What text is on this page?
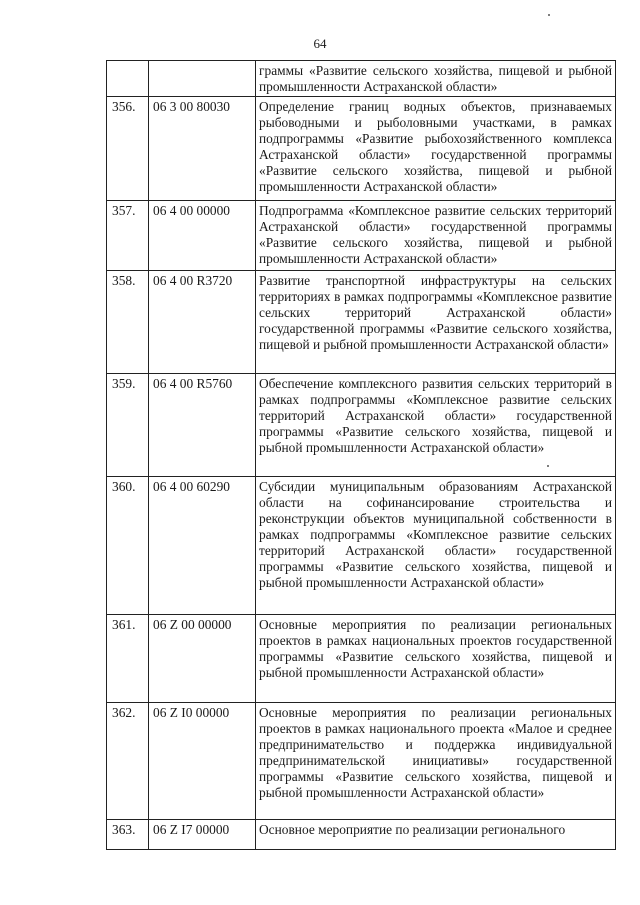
64
		граммы «Развитие сельского хозяйства, пищевой и рыбной промышленности Астраханской области»
356.	06 3 00 80030	Определение границ водных объектов, признаваемых рыбоводными и рыболовными участками, в рамках подпрограммы «Развитие рыбохозяйственного комплекса Астраханской области» государственной программы «Развитие сельского хозяйства, пищевой и рыбной промышленности Астраханской области»
357.	06 4 00 00000	Подпрограмма «Комплексное развитие сельских территорий Астраханской области» государственной программы «Развитие сельского хозяйства, пищевой и рыбной промышленности Астраханской области»
358.	06 4 00 R3720	Развитие транспортной инфраструктуры на сельских территориях в рамках подпрограммы «Комплексное развитие сельских территорий Астраханской области» государственной программы «Развитие сельского хозяйства, пищевой и рыбной промышленности Астраханской области»
359.	06 4 00 R5760	Обеспечение комплексного развития сельских территорий в рамках подпрограммы «Комплексное развитие сельских территорий Астраханской области» государственной программы «Развитие сельского хозяйства, пищевой и рыбной промышленности Астраханской области»
360.	06 4 00 60290	Субсидии муниципальным образованиям Астраханской области на софинансирование строительства и реконструкции объектов муниципальной собственности в рамках подпрограммы «Комплексное развитие сельских территорий Астраханской области» государственной программы «Развитие сельского хозяйства, пищевой и рыбной промышленности Астраханской области»
361.	06 Z 00 00000	Основные мероприятия по реализации региональных проектов в рамках национальных проектов государственной программы «Развитие сельского хозяйства, пищевой и рыбной промышленности Астраханской области»
362.	06 Z I0 00000	Основные мероприятия по реализации региональных проектов в рамках национального проекта «Малое и среднее предпринимательство и поддержка индивидуальной предпринимательской инициативы» государственной программы «Развитие сельского хозяйства, пищевой и рыбной промышленности Астраханской области»
363.	06 Z I7 00000	Основное мероприятие по реализации регионального
